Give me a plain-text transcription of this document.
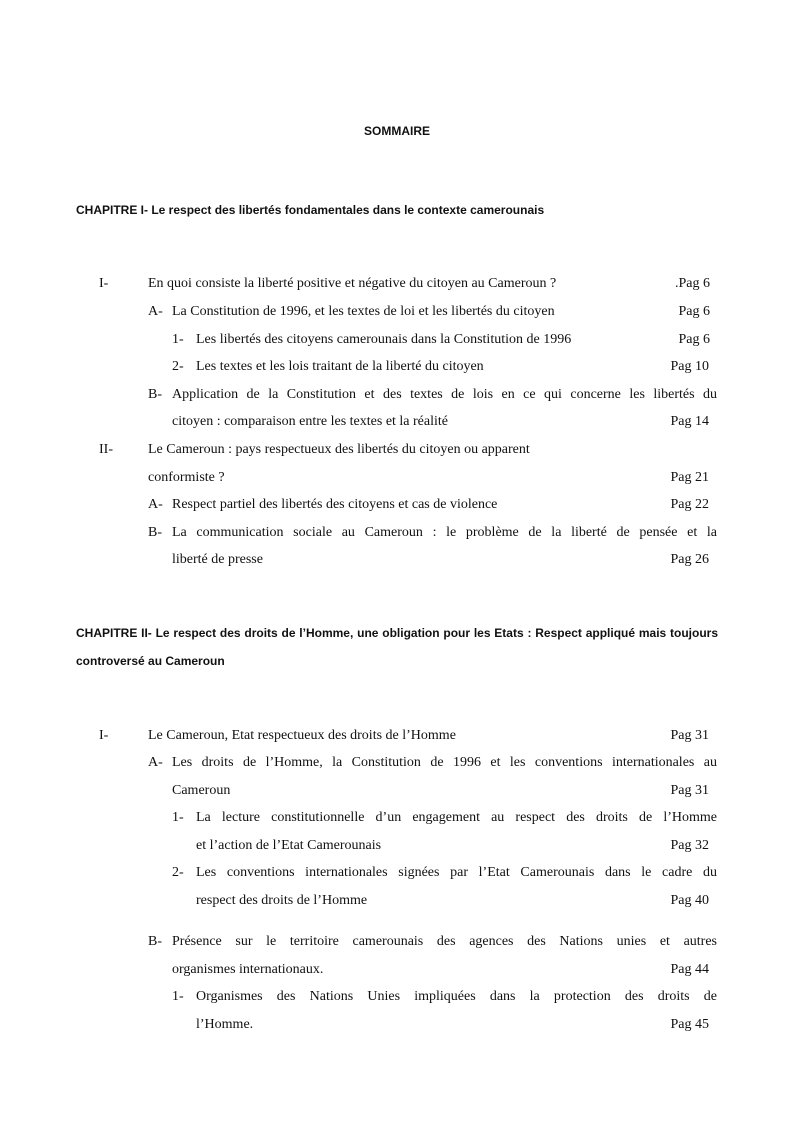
SOMMAIRE
CHAPITRE I- Le respect des libertés fondamentales dans le contexte camerounais
I-	En quoi consiste la liberté positive et négative du citoyen au Cameroun ?	.Pag 6
A- La Constitution de 1996, et les textes de loi et les libertés du citoyen	Pag 6
1- Les libertés des citoyens camerounais dans la Constitution de 1996	Pag 6
2- Les textes et les lois traitant de la liberté du citoyen	Pag 10
B- Application de la Constitution et des textes de lois en ce qui concerne les libertés du
citoyen : comparaison entre les textes et la réalité	Pag 14
II-	Le Cameroun : pays respectueux des libertés du citoyen ou apparent
conformiste ?	Pag 21
A- Respect partiel des libertés des citoyens et cas de violence	Pag 22
B- La communication sociale au Cameroun : le problème de la liberté de pensée et la
liberté de presse	Pag 26
CHAPITRE II- Le respect des droits de l’Homme, une obligation pour les Etats : Respect appliqué mais toujours controversé au Cameroun
I-	Le Cameroun, Etat respectueux des droits de l’Homme	Pag 31
A- Les droits de l’Homme, la Constitution de 1996 et les conventions internationales au
Cameroun	Pag 31
1- La lecture constitutionnelle d’un engagement au respect des droits de l’Homme
et l’action de l’Etat Camerounais	Pag 32
2- Les conventions internationales signées par l’Etat Camerounais dans le cadre du
respect des droits de l’Homme	Pag 40
B- Présence sur le territoire camerounais des agences des Nations unies et autres
organismes internationaux.	Pag 44
1- Organismes des Nations Unies impliquées dans la protection des droits de
l’Homme.	Pag 45
